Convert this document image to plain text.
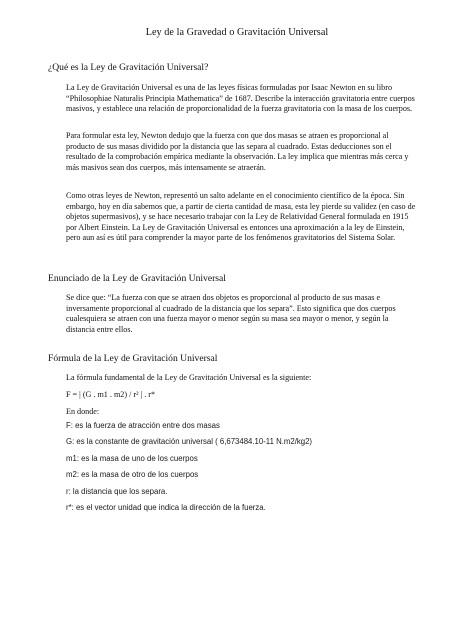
Ley de la Gravedad o Gravitación Universal
¿Qué es la Ley de Gravitación Universal?

La Ley de Gravitación Universal es una de las leyes físicas formuladas por Isaac Newton en su libro “Philosophiae Naturalis Principia Mathematica” de 1687. Describe la interacción gravitatoria entre cuerpos masivos, y establece una relación de proporcionalidad de la fuerza gravitatoria con la masa de los cuerpos.

Para formular esta ley, Newton dedujo que la fuerza con que dos masas se atraen es proporcional al producto de sus masas dividido por la distancia que las separa al cuadrado. Estas deducciones son el resultado de la comprobación empírica mediante la observación. La ley implica que mientras más cerca y más masivos sean dos cuerpos, más intensamente se atraerán.

Como otras leyes de Newton, representó un salto adelante en el conocimiento científico de la época. Sin embargo, hoy en día sabemos que, a partir de cierta cantidad de masa, esta ley pierde su validez (en caso de objetos supermasivos), y se hace necesario trabajar con la Ley de Relatividad General formulada en 1915 por Albert Einstein. La Ley de Gravitación Universal es entonces una aproximación a la ley de Einstein, pero aun así es útil para comprender la mayor parte de los fenómenos gravitatorios del Sistema Solar.

Enunciado de la Ley de Gravitación Universal

Se dice que: “La fuerza con que se atraen dos objetos es proporcional al producto de sus masas e inversamente proporcional al cuadrado de la distancia que los separa”. Esto significa que dos cuerpos cualesquiera se atraen con una fuerza mayor o menor según su masa sea mayor o menor, y según la distancia entre ellos.

Fórmula de la Ley de Gravitación Universal

La fórmula fundamental de la Ley de Gravitación Universal es la siguiente:

F = | (G . m1 . m2) / r² | . r*

En donde:

F: es la fuerza de atracción entre dos masas

G: es la constante de gravitación universal ( 6,673484.10-11 N.m2/kg2)

m1: es la masa de uno de los cuerpos

m2: es la masa de otro de los cuerpos

r: la distancia que los separa.

r*: es el vector unidad que indica la dirección de la fuerza.
